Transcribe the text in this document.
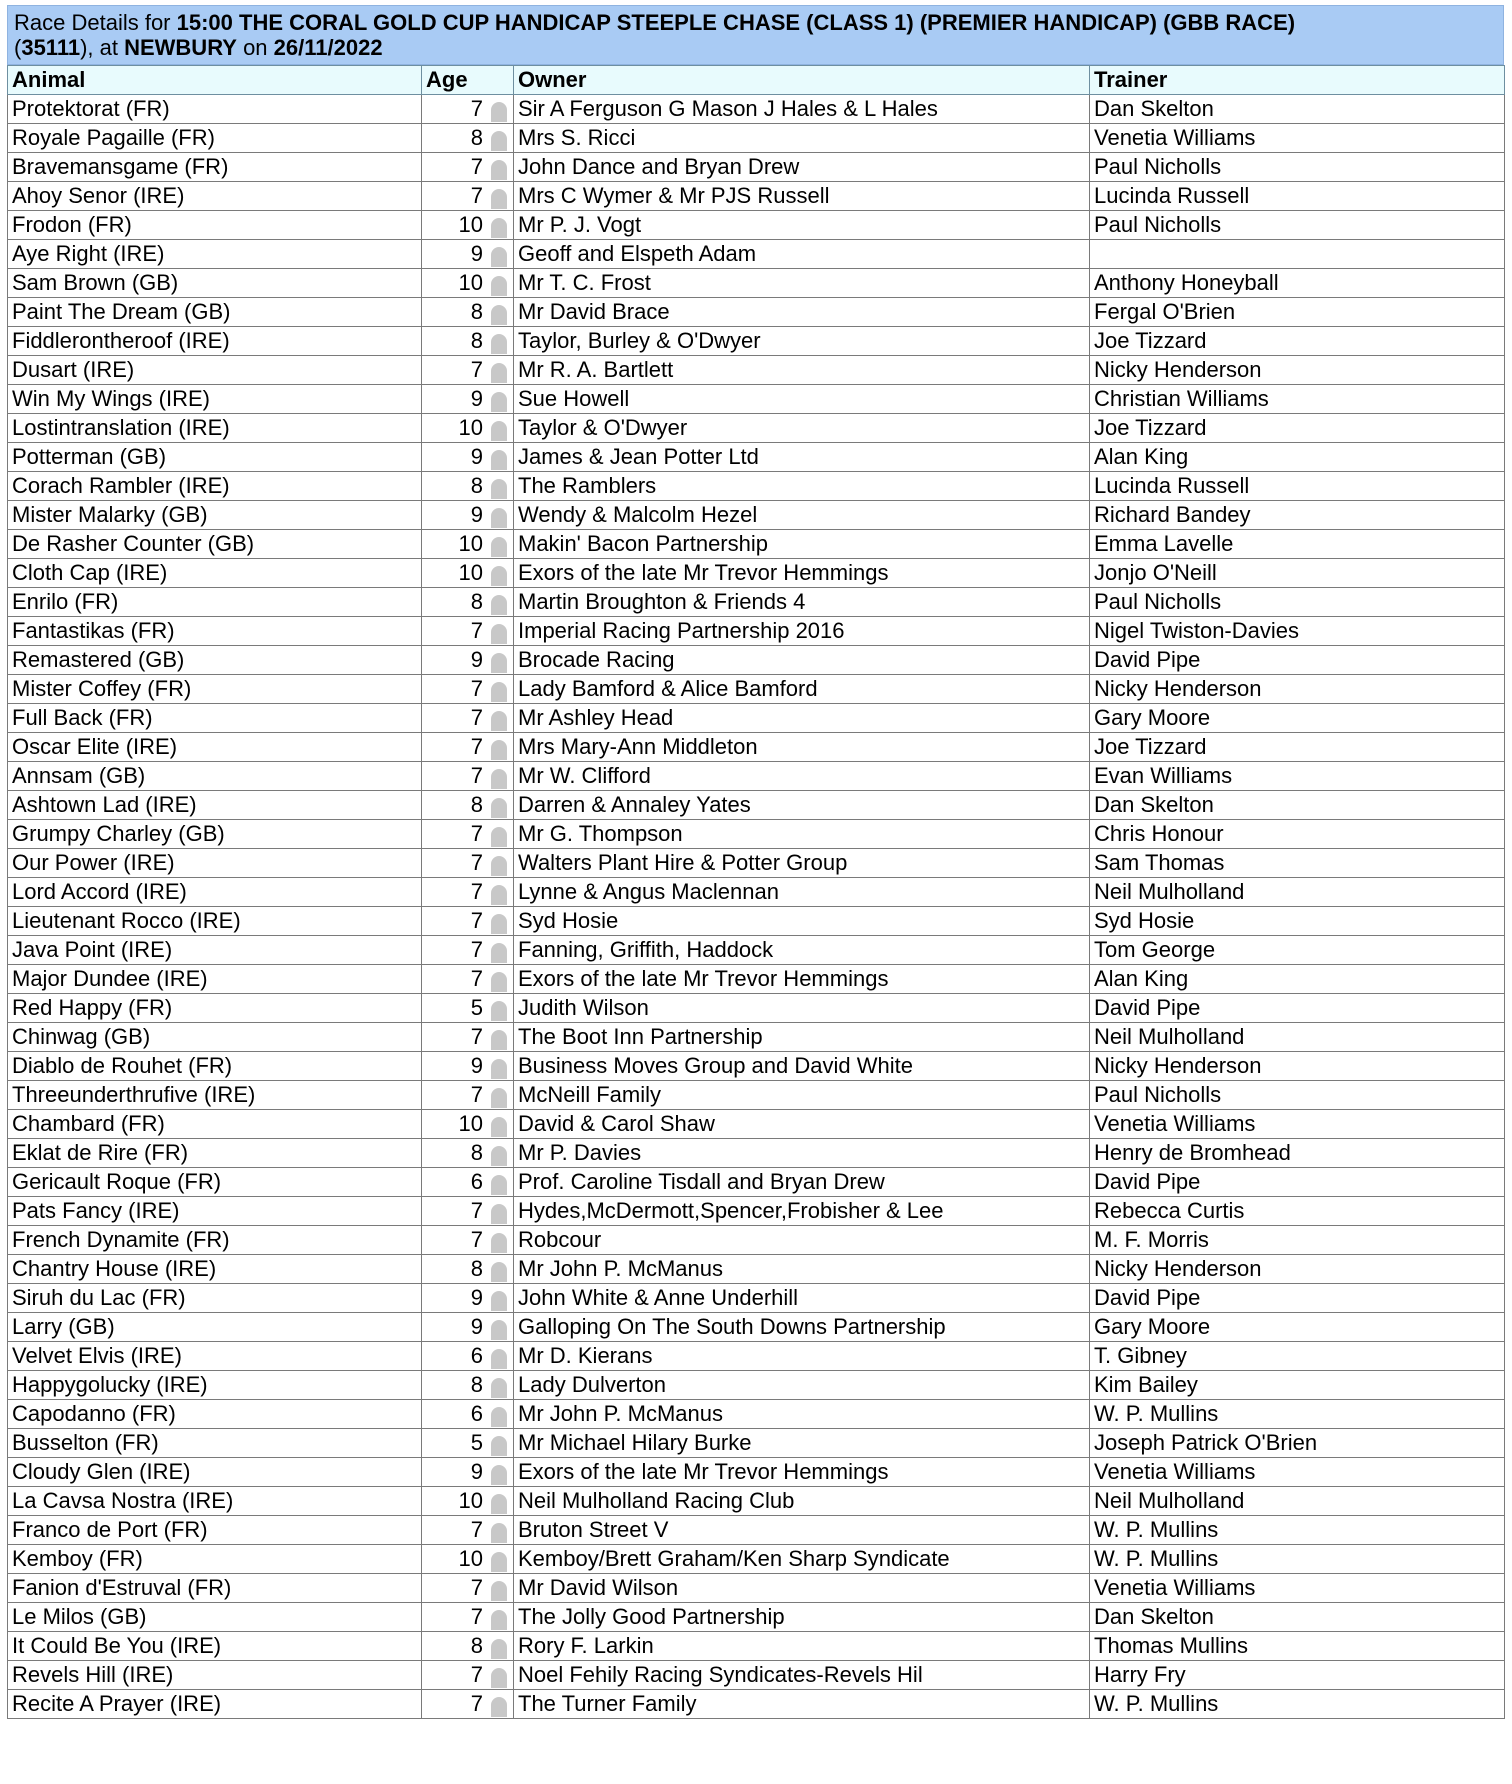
Race Details for 15:00 THE CORAL GOLD CUP HANDICAP STEEPLE CHASE (CLASS 1) (PREMIER HANDICAP) (GBB RACE)
(35111), at NEWBURY on 26/11/2022
Animal	Age	Owner	Trainer
Protektorat (FR)	7	Sir A Ferguson G Mason J Hales & L Hales	Dan Skelton
Royale Pagaille (FR)	8	Mrs S. Ricci	Venetia Williams
Bravemansgame (FR)	7	John Dance and Bryan Drew	Paul Nicholls
Ahoy Senor (IRE)	7	Mrs C Wymer & Mr PJS Russell	Lucinda Russell
Frodon (FR)	10	Mr P. J. Vogt	Paul Nicholls
Aye Right (IRE)	9	Geoff and Elspeth Adam	
Sam Brown (GB)	10	Mr T. C. Frost	Anthony Honeyball
Paint The Dream (GB)	8	Mr David Brace	Fergal O'Brien
Fiddlerontheroof (IRE)	8	Taylor, Burley & O'Dwyer	Joe Tizzard
Dusart (IRE)	7	Mr R. A. Bartlett	Nicky Henderson
Win My Wings (IRE)	9	Sue Howell	Christian Williams
Lostintranslation (IRE)	10	Taylor & O'Dwyer	Joe Tizzard
Potterman (GB)	9	James & Jean Potter Ltd	Alan King
Corach Rambler (IRE)	8	The Ramblers	Lucinda Russell
Mister Malarky (GB)	9	Wendy & Malcolm Hezel	Richard Bandey
De Rasher Counter (GB)	10	Makin' Bacon Partnership	Emma Lavelle
Cloth Cap (IRE)	10	Exors of the late Mr Trevor Hemmings	Jonjo O'Neill
Enrilo (FR)	8	Martin Broughton & Friends 4	Paul Nicholls
Fantastikas (FR)	7	Imperial Racing Partnership 2016	Nigel Twiston-Davies
Remastered (GB)	9	Brocade Racing	David Pipe
Mister Coffey (FR)	7	Lady Bamford & Alice Bamford	Nicky Henderson
Full Back (FR)	7	Mr Ashley Head	Gary Moore
Oscar Elite (IRE)	7	Mrs Mary-Ann Middleton	Joe Tizzard
Annsam (GB)	7	Mr W. Clifford	Evan Williams
Ashtown Lad (IRE)	8	Darren & Annaley Yates	Dan Skelton
Grumpy Charley (GB)	7	Mr G. Thompson	Chris Honour
Our Power (IRE)	7	Walters Plant Hire & Potter Group	Sam Thomas
Lord Accord (IRE)	7	Lynne & Angus Maclennan	Neil Mulholland
Lieutenant Rocco (IRE)	7	Syd Hosie	Syd Hosie
Java Point (IRE)	7	Fanning, Griffith, Haddock	Tom George
Major Dundee (IRE)	7	Exors of the late Mr Trevor Hemmings	Alan King
Red Happy (FR)	5	Judith Wilson	David Pipe
Chinwag (GB)	7	The Boot Inn Partnership	Neil Mulholland
Diablo de Rouhet (FR)	9	Business Moves Group and David White	Nicky Henderson
Threeunderthrufive (IRE)	7	McNeill Family	Paul Nicholls
Chambard (FR)	10	David & Carol Shaw	Venetia Williams
Eklat de Rire (FR)	8	Mr P. Davies	Henry de Bromhead
Gericault Roque (FR)	6	Prof. Caroline Tisdall and Bryan Drew	David Pipe
Pats Fancy (IRE)	7	Hydes,McDermott,Spencer,Frobisher & Lee	Rebecca Curtis
French Dynamite (FR)	7	Robcour	M. F. Morris
Chantry House (IRE)	8	Mr John P. McManus	Nicky Henderson
Siruh du Lac (FR)	9	John White & Anne Underhill	David Pipe
Larry (GB)	9	Galloping On The South Downs Partnership	Gary Moore
Velvet Elvis (IRE)	6	Mr D. Kierans	T. Gibney
Happygolucky (IRE)	8	Lady Dulverton	Kim Bailey
Capodanno (FR)	6	Mr John P. McManus	W. P. Mullins
Busselton (FR)	5	Mr Michael Hilary Burke	Joseph Patrick O'Brien
Cloudy Glen (IRE)	9	Exors of the late Mr Trevor Hemmings	Venetia Williams
La Cavsa Nostra (IRE)	10	Neil Mulholland Racing Club	Neil Mulholland
Franco de Port (FR)	7	Bruton Street V	W. P. Mullins
Kemboy (FR)	10	Kemboy/Brett Graham/Ken Sharp Syndicate	W. P. Mullins
Fanion d'Estruval (FR)	7	Mr David Wilson	Venetia Williams
Le Milos (GB)	7	The Jolly Good Partnership	Dan Skelton
It Could Be You (IRE)	8	Rory F. Larkin	Thomas Mullins
Revels Hill (IRE)	7	Noel Fehily Racing Syndicates-Revels Hil	Harry Fry
Recite A Prayer (IRE)	7	The Turner Family	W. P. Mullins
